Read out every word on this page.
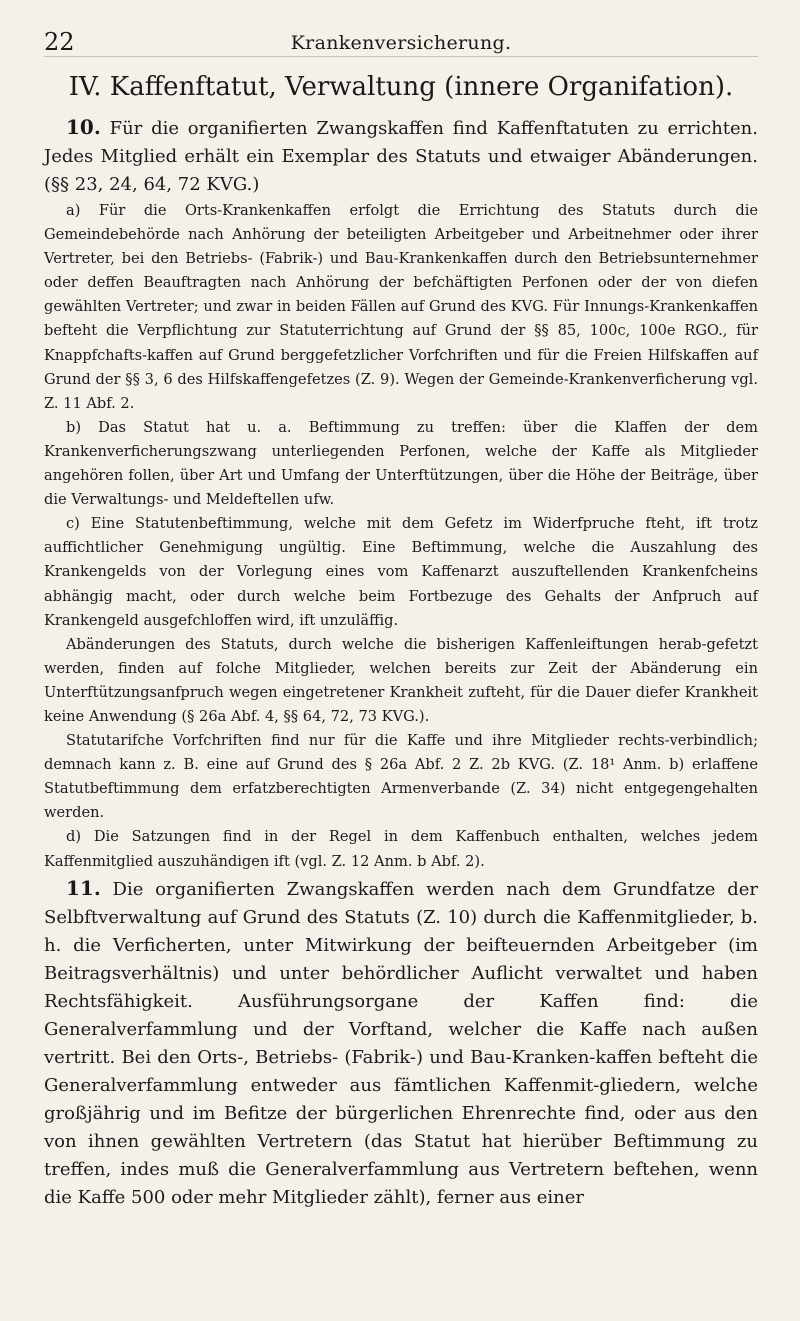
22	Krankenversicherung.
IV. Kaffenftatut, Verwaltung (innere Organifation).

10. Für die organifierten Zwangskaffen find Kaffenftatuten zu errichten. Jedes Mitglied erhält ein Exemplar des Statuts und etwaiger Abänderungen. (§§ 23, 24, 64, 72 KVG.)

a) Für die Orts-Krankenkaffen erfolgt die Errichtung des Statuts durch die Gemeindebehörde nach Anhörung der beteiligten Arbeitgeber und Arbeitnehmer oder ihrer Vertreter, bei den Betriebs- (Fabrik-) und Bau-Krankenkaffen durch den Betriebsunternehmer oder deffen Beauftragten nach Anhörung der befchäftigten Perfonen oder der von diefen gewählten Vertreter; und zwar in beiden Fällen auf Grund des KVG. Für Innungs-Krankenkaffen befteht die Verpflichtung zur Statuterrichtung auf Grund der §§ 85, 100c, 100e RGO., für Knappfchafts-kaffen auf Grund berggefetzlicher Vorfchriften und für die Freien Hilfskaffen auf Grund der §§ 3, 6 des Hilfskaffengefetzes (Z. 9). Wegen der Gemeinde-Krankenverficherung vgl. Z. 11 Abf. 2.

b) Das Statut hat u. a. Beftimmung zu treffen: über die Klaffen der dem Krankenverficherungszwang unterliegenden Perfonen, welche der Kaffe als Mitglieder angehören follen, über Art und Umfang der Unterftützungen, über die Höhe der Beiträge, über die Verwaltungs- und Meldeftellen ufw.

c) Eine Statutenbeftimmung, welche mit dem Gefetz im Widerfpruche fteht, ift trotz auffichtlicher Genehmigung ungültig. Eine Beftimmung, welche die Auszahlung des Krankengelds von der Vorlegung eines vom Kaffenarzt auszuftellenden Krankenfcheins abhängig macht, oder durch welche beim Fortbezuge des Gehalts der Anfpruch auf Krankengeld ausgefchloffen wird, ift unzuläffig.

Abänderungen des Statuts, durch welche die bisherigen Kaffenleiftungen herab-gefetzt werden, finden auf folche Mitglieder, welchen bereits zur Zeit der Abänderung ein Unterftützungsanfpruch wegen eingetretener Krankheit zufteht, für die Dauer diefer Krankheit keine Anwendung (§ 26a Abf. 4, §§ 64, 72, 73 KVG.).

Statutarifche Vorfchriften find nur für die Kaffe und ihre Mitglieder rechts-verbindlich; demnach kann z. B. eine auf Grund des § 26a Abf. 2 Z. 2b KVG. (Z. 18¹ Anm. b) erlaffene Statutbeftimmung dem erfatzberechtigten Armenverbande (Z. 34) nicht entgegengehalten werden.

d) Die Satzungen find in der Regel in dem Kaffenbuch enthalten, welches jedem Kaffenmitglied auszuhändigen ift (vgl. Z. 12 Anm. b Abf. 2).

11. Die organifierten Zwangskaffen werden nach dem Grundfatze der Selbftverwaltung auf Grund des Statuts (Z. 10) durch die Kaffenmitglieder, b. h. die Verficherten, unter Mitwirkung der beifteuernden Arbeitgeber (im Beitragsverhältnis) und unter behördlicher Auflicht verwaltet und haben Rechtsfähigkeit. Ausführungsorgane der Kaffen find: die Generalverfammlung und der Vorftand, welcher die Kaffe nach außen vertritt. Bei den Orts-, Betriebs- (Fabrik-) und Bau-Kranken-kaffen befteht die Generalverfammlung entweder aus fämtlichen Kaffenmit-gliedern, welche großjährig und im Befitze der bürgerlichen Ehrenrechte find, oder aus den von ihnen gewählten Vertretern (das Statut hat hierüber Beftimmung zu treffen, indes muß die Generalverfammlung aus Vertretern beftehen, wenn die Kaffe 500 oder mehr Mitglieder zählt), ferner aus einer
